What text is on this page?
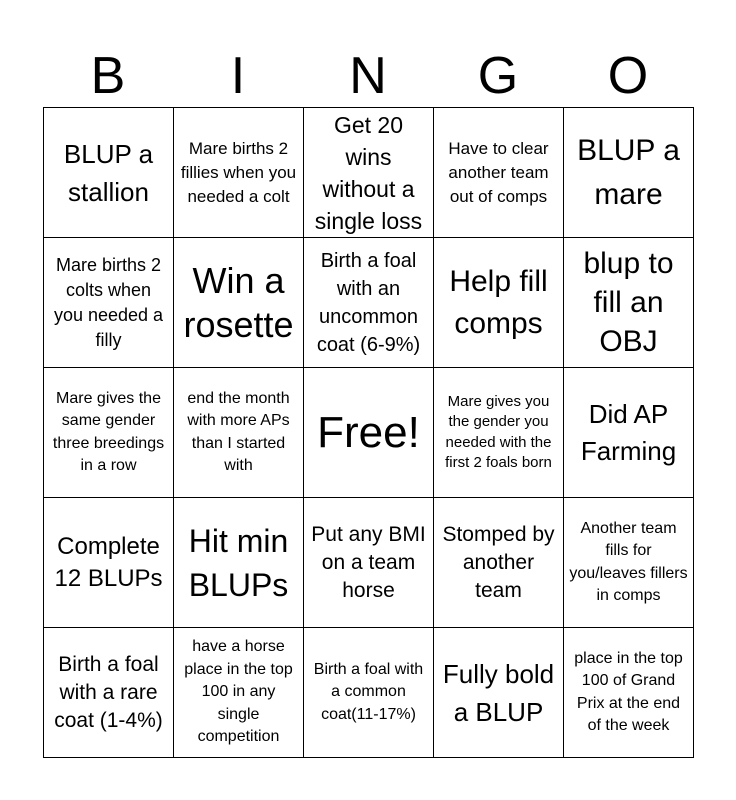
B	I	N	G	O
BLUP a stallion
Mare births 2 fillies when you needed a colt
Get 20 wins without a single loss
Have to clear another team out of comps
BLUP a mare
Mare births 2 colts when you needed a filly
Win a rosette
Birth a foal with an uncommon coat (6-9%)
Help fill comps
blup to fill an OBJ
Mare gives the same gender three breedings in a row
end the month with more APs than I started with
Free!
Mare gives you the gender you needed with the first 2 foals born
Did AP Farming
Complete 12 BLUPs
Hit min BLUPs
Put any BMI on a team horse
Stomped by another team
Another team fills for you/leaves fillers in comps
Birth a foal with a rare coat (1-4%)
have a horse place in the top 100 in any single competition
Birth a foal with a common coat(11-17%)
Fully bold a BLUP
place in the top 100 of Grand Prix at the end of the week
